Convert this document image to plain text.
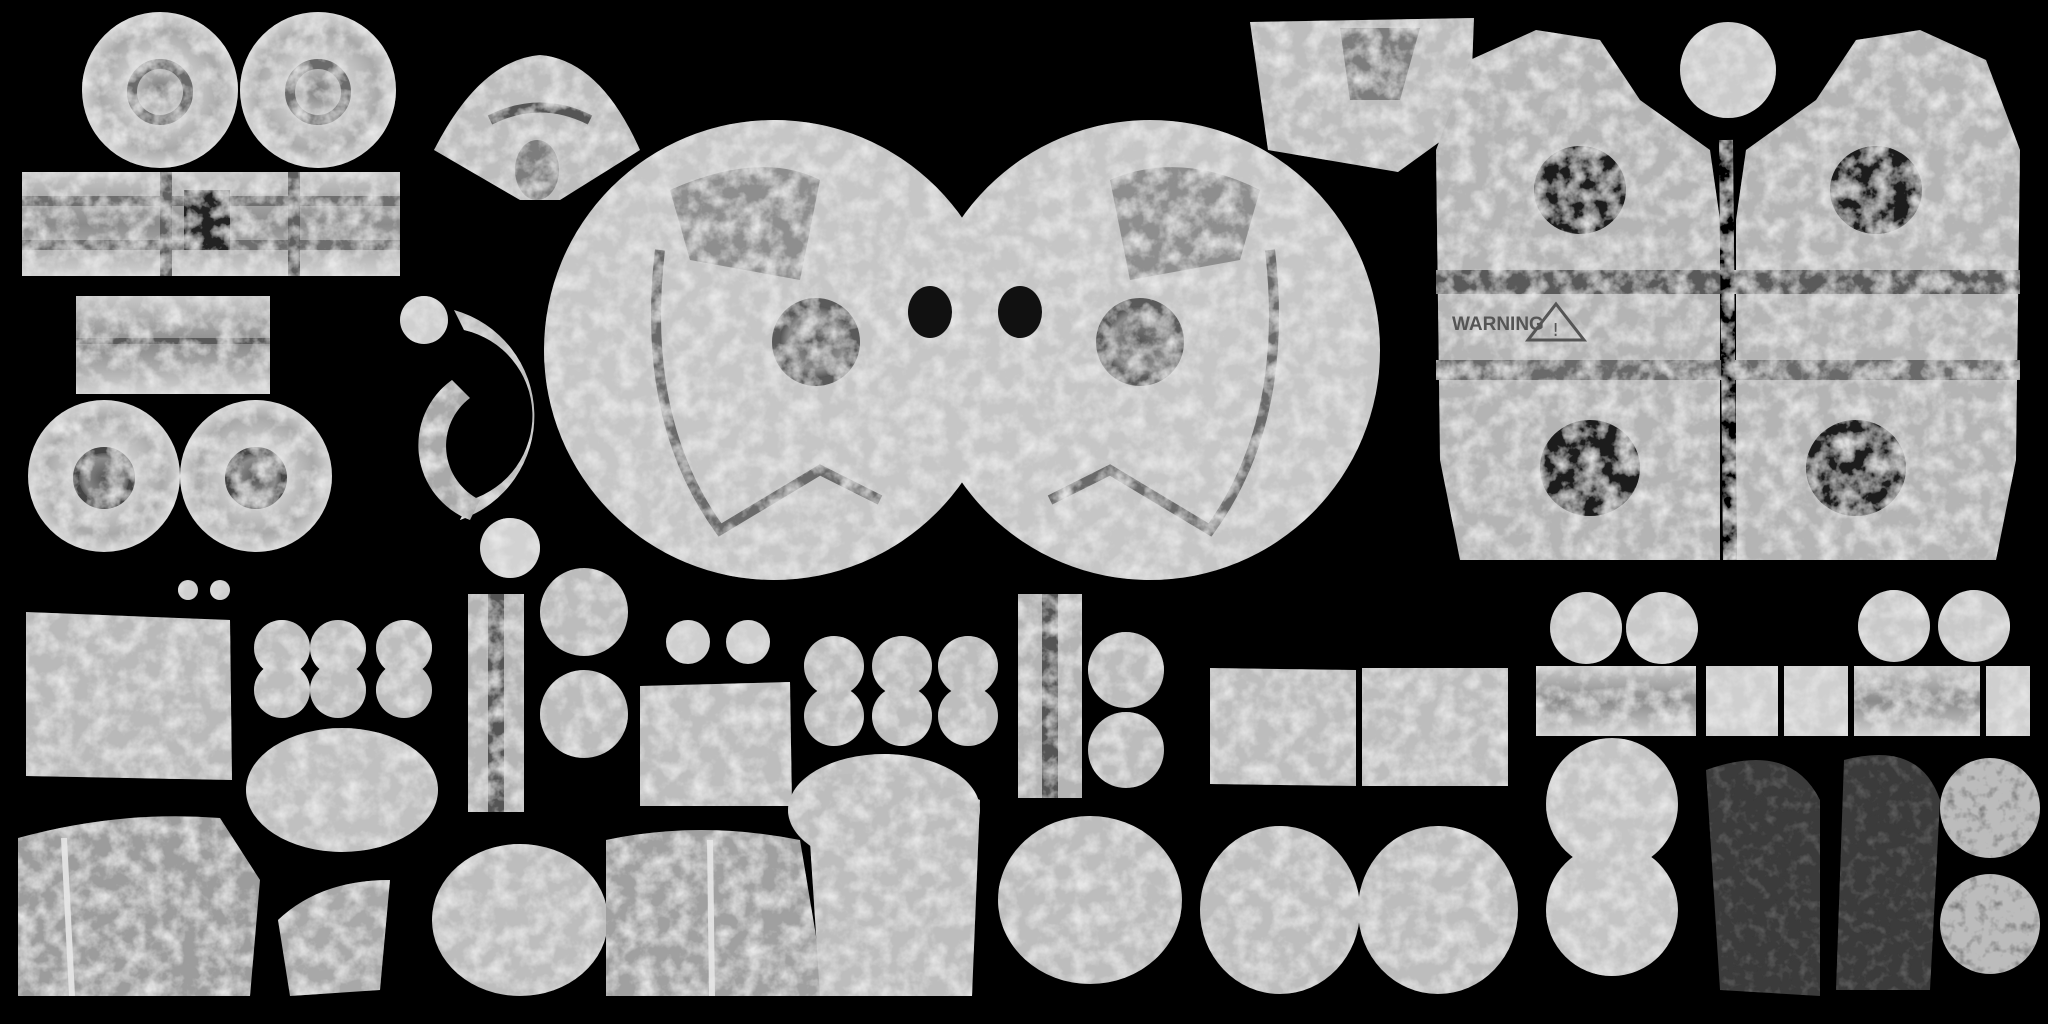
WARNING !
